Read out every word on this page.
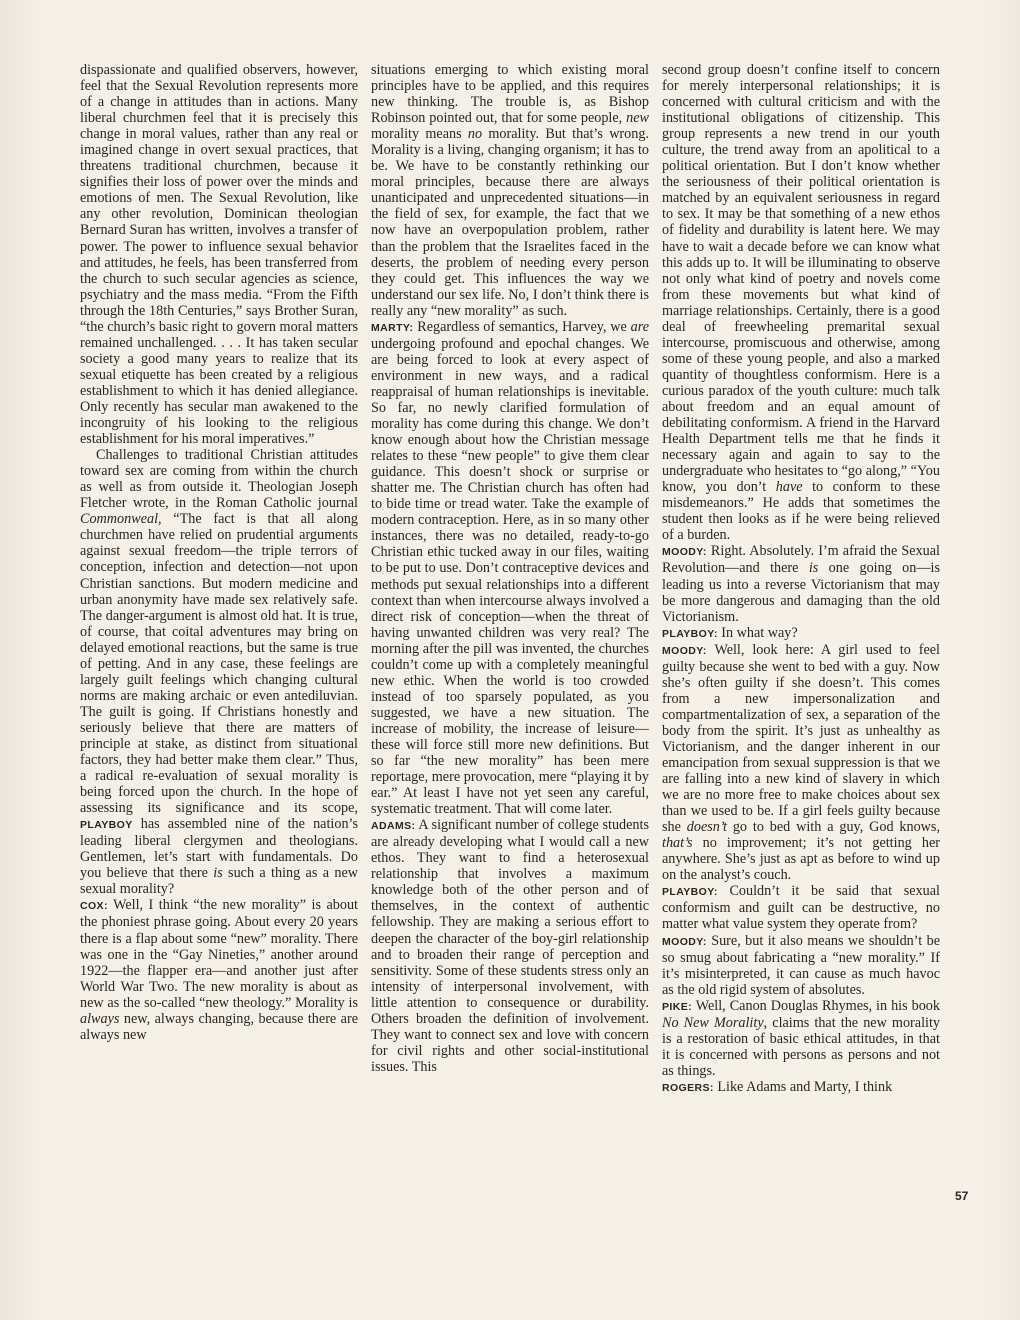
dispassionate and qualified observers, however, feel that the Sexual Revolution represents more of a change in attitudes than in actions. Many liberal churchmen feel that it is precisely this change in moral values, rather than any real or imagined change in overt sexual practices, that threatens traditional churchmen, because it signifies their loss of power over the minds and emotions of men. The Sexual Revolution, like any other revolution, Dominican theologian Bernard Suran has written, involves a transfer of power. The power to influence sexual behavior and attitudes, he feels, has been transferred from the church to such secular agencies as science, psychiatry and the mass media. “From the Fifth through the 18th Centuries,” says Brother Suran, “the church’s basic right to govern moral matters remained unchallenged. . . . It has taken secular society a good many years to realize that its sexual etiquette has been created by a religious establishment to which it has denied allegiance. Only recently has secular man awakened to the incongruity of his looking to the religious establishment for his moral imperatives.”

Challenges to traditional Christian attitudes toward sex are coming from within the church as well as from outside it. Theologian Joseph Fletcher wrote, in the Roman Catholic journal Commonweal, “The fact is that all along churchmen have relied on prudential arguments against sexual freedom—the triple terrors of conception, infection and detection—not upon Christian sanctions. But modern medicine and urban anonymity have made sex relatively safe. The danger-argument is almost old hat. It is true, of course, that coital adventures may bring on delayed emotional reactions, but the same is true of petting. And in any case, these feelings are largely guilt feelings which changing cultural norms are making archaic or even antediluvian. The guilt is going. If Christians honestly and seriously believe that there are matters of principle at stake, as distinct from situational factors, they had better make them clear.” Thus, a radical re-evaluation of sexual morality is being forced upon the church. In the hope of assessing its significance and its scope, PLAYBOY has assembled nine of the nation’s leading liberal clergymen and theologians. Gentlemen, let’s start with fundamentals. Do you believe that there is such a thing as a new sexual morality?

COX: Well, I think “the new morality” is about the phoniest phrase going. About every 20 years there is a flap about some “new” morality. There was one in the “Gay Nineties,” another around 1922—the flapper era—and another just after World War Two. The new morality is about as new as the so-called “new theology.” Morality is always new, always changing, because there are always new

situations emerging to which existing moral principles have to be applied, and this requires new thinking. The trouble is, as Bishop Robinson pointed out, that for some people, new morality means no morality. But that’s wrong. Morality is a living, changing organism; it has to be. We have to be constantly rethinking our moral principles, because there are always unanticipated and unprecedented situations—in the field of sex, for example, the fact that we now have an overpopulation problem, rather than the problem that the Israelites faced in the deserts, the problem of needing every person they could get. This influences the way we understand our sex life. No, I don’t think there is really any “new morality” as such.

MARTY: Regardless of semantics, Harvey, we are undergoing profound and epochal changes. We are being forced to look at every aspect of environment in new ways, and a radical reappraisal of human relationships is inevitable. So far, no newly clarified formulation of morality has come during this change. We don’t know enough about how the Christian message relates to these “new people” to give them clear guidance. This doesn’t shock or surprise or shatter me. The Christian church has often had to bide time or tread water. Take the example of modern contraception. Here, as in so many other instances, there was no detailed, ready-to-go Christian ethic tucked away in our files, waiting to be put to use. Don’t contraceptive devices and methods put sexual relationships into a different context than when intercourse always involved a direct risk of conception—when the threat of having unwanted children was very real? The morning after the pill was invented, the churches couldn’t come up with a completely meaningful new ethic. When the world is too crowded instead of too sparsely populated, as you suggested, we have a new situation. The increase of mobility, the increase of leisure—these will force still more new definitions. But so far “the new morality” has been mere reportage, mere provocation, mere “playing it by ear.” At least I have not yet seen any careful, systematic treatment. That will come later.

ADAMS: A significant number of college students are already developing what I would call a new ethos. They want to find a heterosexual relationship that involves a maximum knowledge both of the other person and of themselves, in the context of authentic fellowship. They are making a serious effort to deepen the character of the boy-girl relationship and to broaden their range of perception and sensitivity. Some of these students stress only an intensity of interpersonal involvement, with little attention to consequence or durability. Others broaden the definition of involvement. They want to connect sex and love with concern for civil rights and other social-institutional issues. This

second group doesn’t confine itself to concern for merely interpersonal relationships; it is concerned with cultural criticism and with the institutional obligations of citizenship. This group represents a new trend in our youth culture, the trend away from an apolitical to a political orientation. But I don’t know whether the seriousness of their political orientation is matched by an equivalent seriousness in regard to sex. It may be that something of a new ethos of fidelity and durability is latent here. We may have to wait a decade before we can know what this adds up to. It will be illuminating to observe not only what kind of poetry and novels come from these movements but what kind of marriage relationships. Certainly, there is a good deal of freewheeling premarital sexual intercourse, promiscuous and otherwise, among some of these young people, and also a marked quantity of thoughtless conformism. Here is a curious paradox of the youth culture: much talk about freedom and an equal amount of debilitating conformism. A friend in the Harvard Health Department tells me that he finds it necessary again and again to say to the undergraduate who hesitates to “go along,” “You know, you don’t have to conform to these misdemeanors.” He adds that sometimes the student then looks as if he were being relieved of a burden.

MOODY: Right. Absolutely. I’m afraid the Sexual Revolution—and there is one going on—is leading us into a reverse Victorianism that may be more dangerous and damaging than the old Victorianism.

PLAYBOY: In what way?

MOODY: Well, look here: A girl used to feel guilty because she went to bed with a guy. Now she’s often guilty if she doesn’t. This comes from a new impersonalization and compartmentalization of sex, a separation of the body from the spirit. It’s just as unhealthy as Victorianism, and the danger inherent in our emancipation from sexual suppression is that we are falling into a new kind of slavery in which we are no more free to make choices about sex than we used to be. If a girl feels guilty because she doesn’t go to bed with a guy, God knows, that’s no improvement; it’s not getting her anywhere. She’s just as apt as before to wind up on the analyst’s couch.

PLAYBOY: Couldn’t it be said that sexual conformism and guilt can be destructive, no matter what value system they operate from?

MOODY: Sure, but it also means we shouldn’t be so smug about fabricating a “new morality.” If it’s misinterpreted, it can cause as much havoc as the old rigid system of absolutes.

PIKE: Well, Canon Douglas Rhymes, in his book No New Morality, claims that the new morality is a restoration of basic ethical attitudes, in that it is concerned with persons as persons and not as things.

ROGERS: Like Adams and Marty, I think

57
